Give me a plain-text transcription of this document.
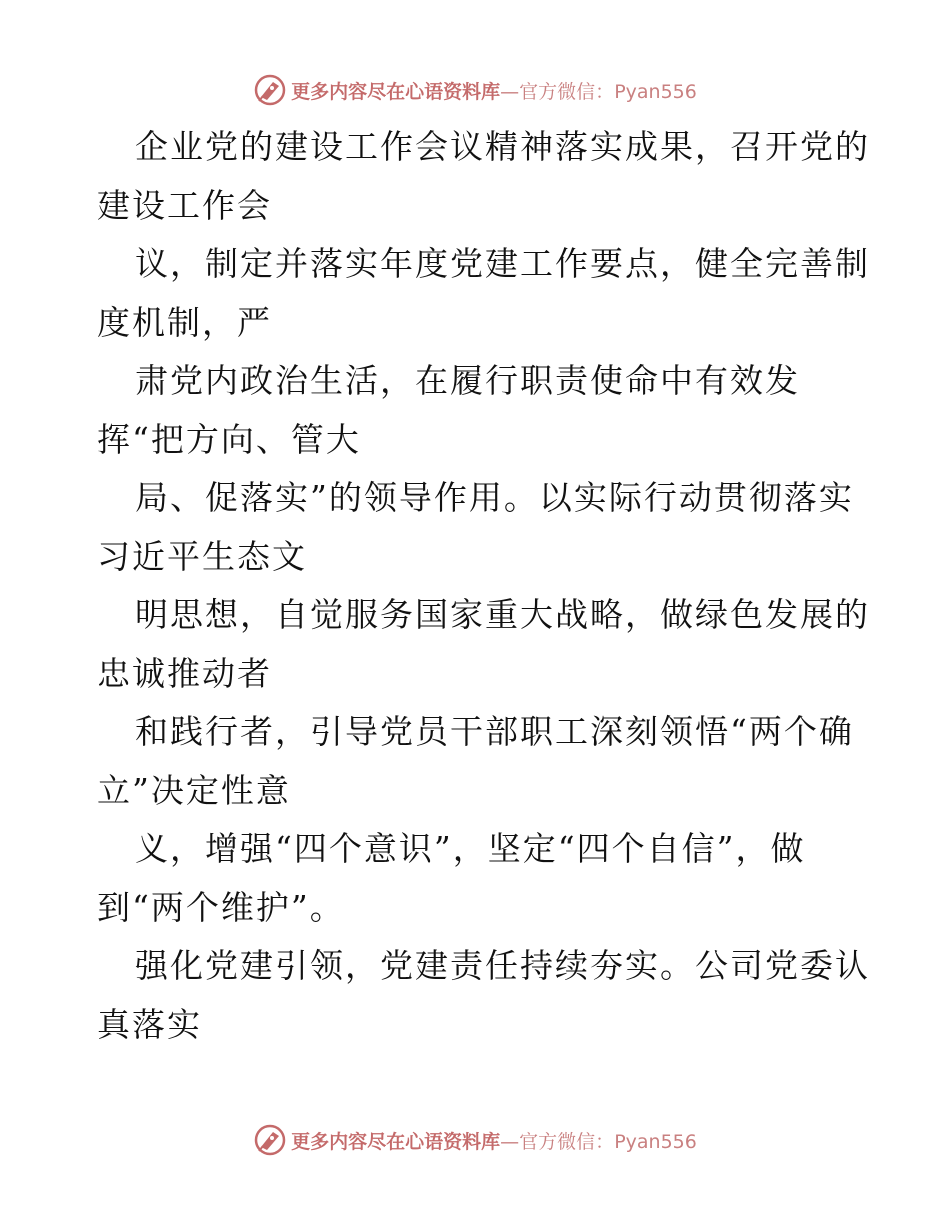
更多内容尽在心语资料库—官方微信：Pyan556
企业党的建设工作会议精神落实成果，召开党的
建设工作会
议，制定并落实年度党建工作要点，健全完善制
度机制，严
肃党内政治生活，在履行职责使命中有效发
挥“把方向、管大
局、促落实”的领导作用。以实际行动贯彻落实
习近平生态文
明思想，自觉服务国家重大战略，做绿色发展的
忠诚推动者
和践行者，引导党员干部职工深刻领悟“两个确
立”决定性意
义，增强“四个意识”，坚定“四个自信”，做
到“两个维护”。
强化党建引领，党建责任持续夯实。公司党委认
真落实
更多内容尽在心语资料库—官方微信：Pyan556
